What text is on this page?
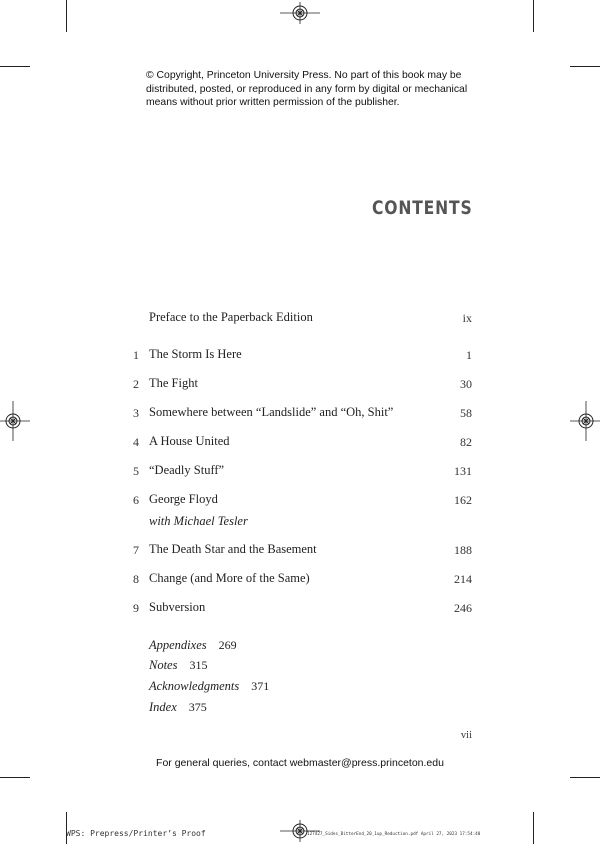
© Copyright, Princeton University Press. No part of this book may be
distributed, posted, or reproduced in any form by digital or mechanical
means without prior written permission of the publisher.
CONTENTS
Preface to the Paperback Edition	ix
1 The Storm Is Here	1
2 The Fight	30
3 Somewhere between “Landslide” and “Oh, Shit”	58
4 A House United	82
5 “Deadly Stuff”	131
6 George Floyd	162
with Michael Tesler
7 The Death Star and the Basement	188
8 Change (and More of the Same)	214
9 Subversion	246
Appendixes 269
Notes 315
Acknowledgments 371
Index 375
vii
For general queries, contact webmaster@press.princeton.edu
WPS: Prepress/Printer’s Proof	127427_Sides_BitterEnd_20_1up_Reduction.pdf April 27, 2023 17:54:40
